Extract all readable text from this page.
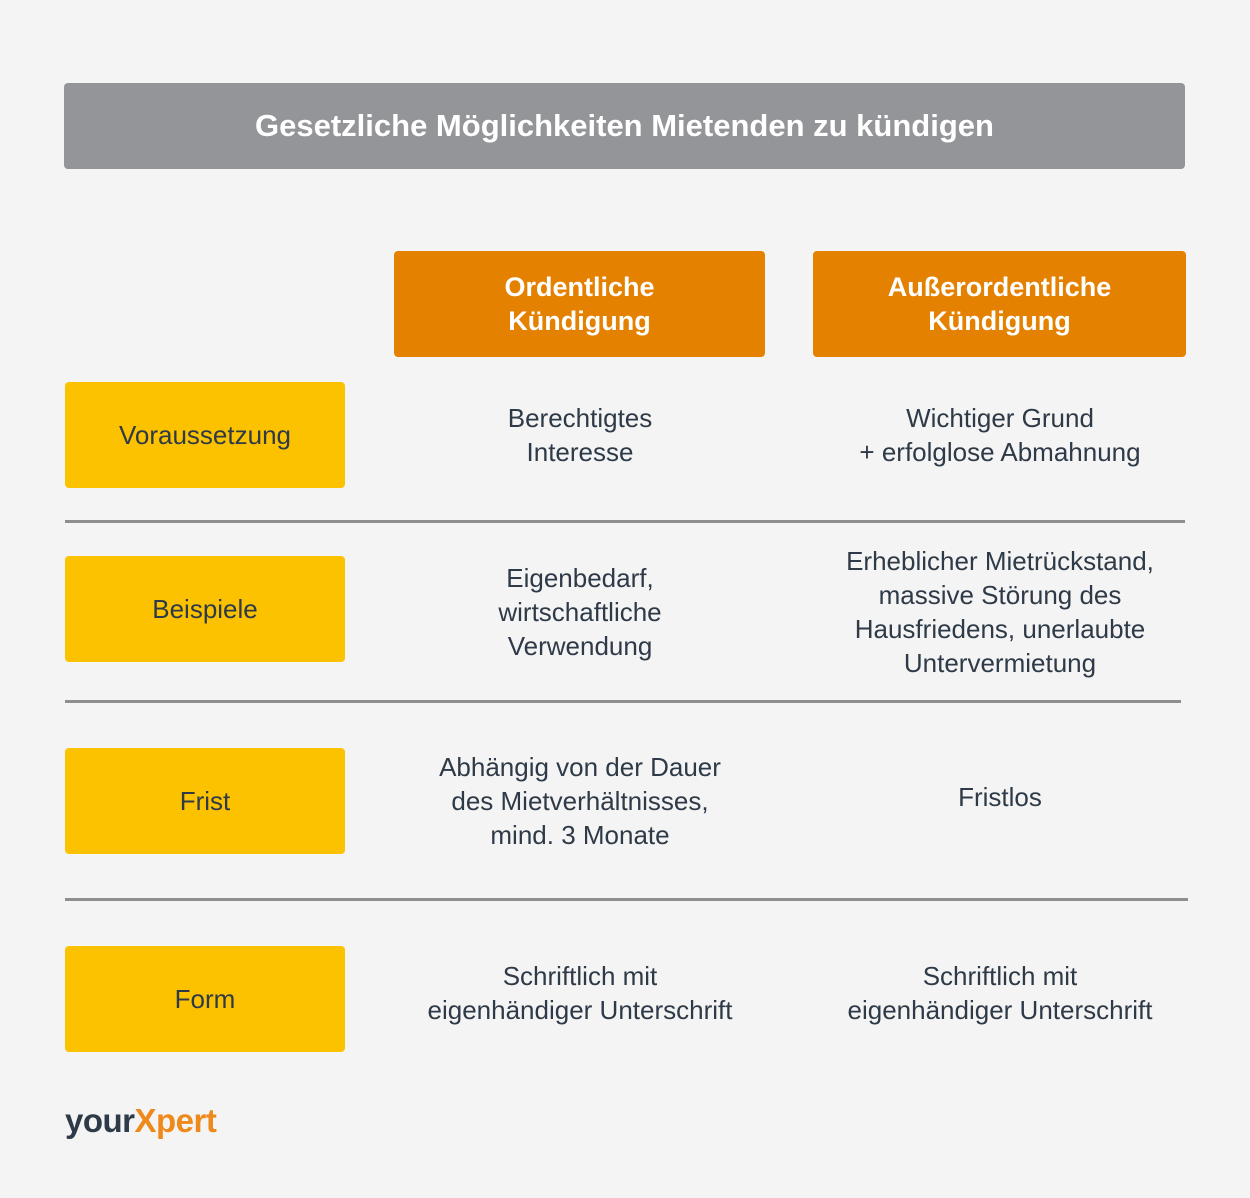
Gesetzliche Möglichkeiten Mietenden zu kündigen
Ordentliche
Kündigung
Außerordentliche
Kündigung
Voraussetzung
Berechtigtes
Interesse
Wichtiger Grund
+ erfolglose Abmahnung
Beispiele
Eigenbedarf,
wirtschaftliche
Verwendung
Erheblicher Mietrückstand,
massive Störung des
Hausfriedens, unerlaubte
Untervermietung
Frist
Abhängig von der Dauer
des Mietverhältnisses,
mind. 3 Monate
Fristlos
Form
Schriftlich mit
eigenhändiger Unterschrift
Schriftlich mit
eigenhändiger Unterschrift
your Xpert
